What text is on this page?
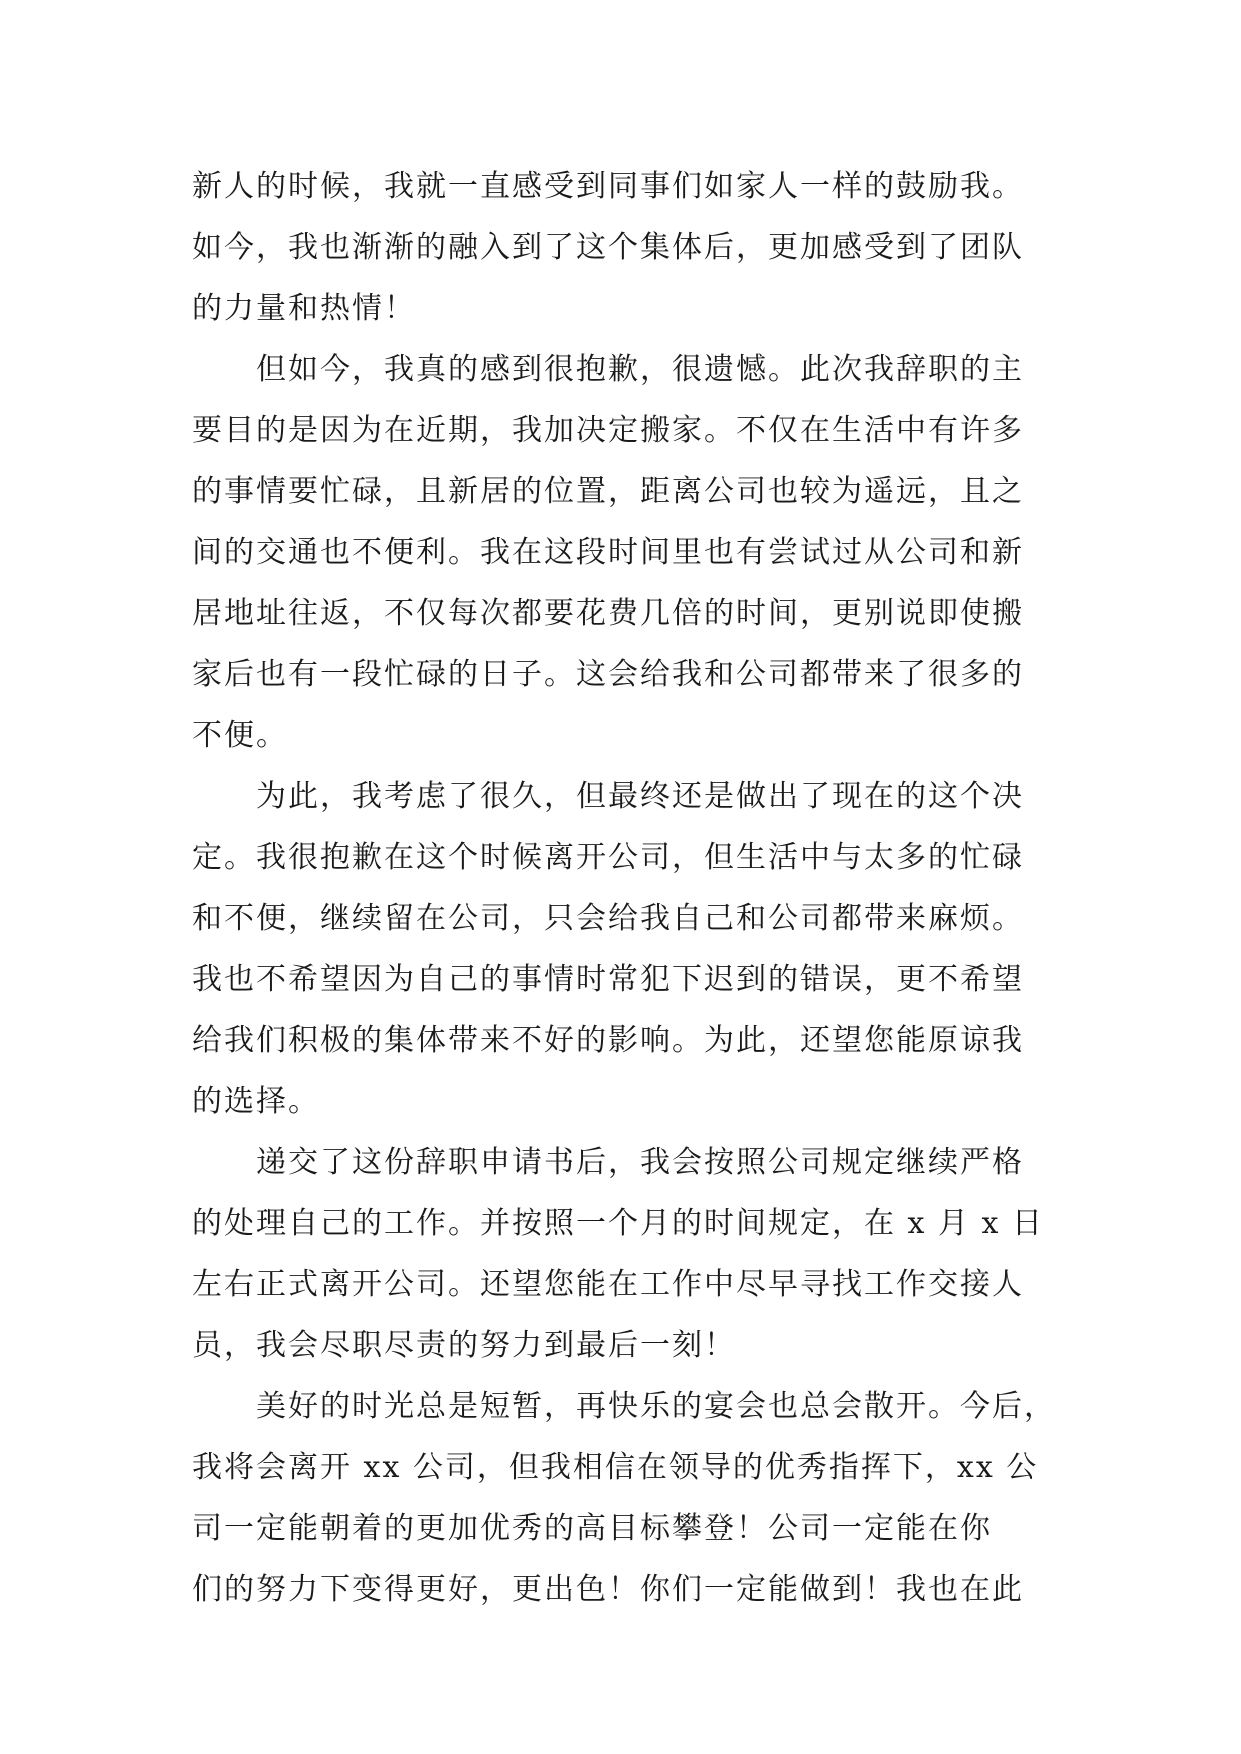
新人的时候，我就一直感受到同事们如家人一样的鼓励我。
如今，我也渐渐的融入到了这个集体后，更加感受到了团队
的力量和热情！
但如今，我真的感到很抱歉，很遗憾。此次我辞职的主
要目的是因为在近期，我加决定搬家。不仅在生活中有许多
的事情要忙碌，且新居的位置，距离公司也较为遥远，且之
间的交通也不便利。我在这段时间里也有尝试过从公司和新
居地址往返，不仅每次都要花费几倍的时间，更别说即使搬
家后也有一段忙碌的日子。这会给我和公司都带来了很多的
不便。
为此，我考虑了很久，但最终还是做出了现在的这个决
定。我很抱歉在这个时候离开公司，但生活中与太多的忙碌
和不便，继续留在公司，只会给我自己和公司都带来麻烦。
我也不希望因为自己的事情时常犯下迟到的错误，更不希望
给我们积极的集体带来不好的影响。为此，还望您能原谅我
的选择。
递交了这份辞职申请书后，我会按照公司规定继续严格
的处理自己的工作。并按照一个月的时间规定，在 x 月 x 日
左右正式离开公司。还望您能在工作中尽早寻找工作交接人
员，我会尽职尽责的努力到最后一刻！
美好的时光总是短暂，再快乐的宴会也总会散开。今后，
我将会离开 xx 公司，但我相信在领导的优秀指挥下，xx 公
司一定能朝着的更加优秀的高目标攀登！公司一定能在你
们的努力下变得更好，更出色！你们一定能做到！我也在此
